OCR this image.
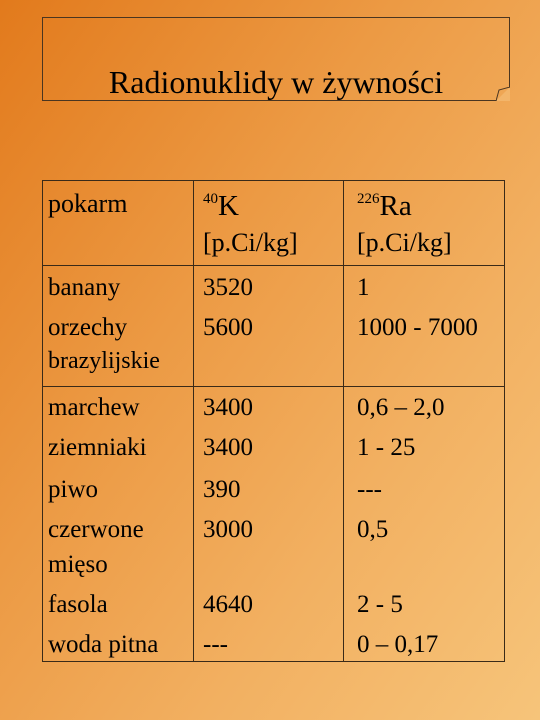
Radionuklidy w żywności
pokarm	$^{40}$K
[p.Ci/kg]
$^{226}$Ra
[p.Ci/kg]
banany
orzechy
brazylijskie
3520
5600
1
1000 - 7000
marchew
ziemniaki
piwo
czerwone
mięso
fasola
woda pitna
3400
3400
390
3000
4640
---
0,6 – 2,0
1 - 25
---
0,5
2 - 5
0 – 0,17
